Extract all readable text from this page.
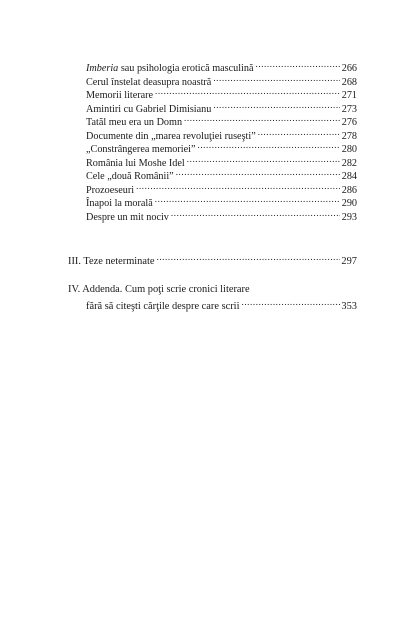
Imberia sau psihologia erotică masculină .....	266
Cerul înstelat deasupra noastră .....	268
Memorii literare .....	271
Amintiri cu Gabriel Dimisianu .....	273
Tatăl meu era un Domn .....	276
Documente din „marea revoluţiei ruseşti” .....	278
„Constrângerea memoriei” .....	280
România lui Moshe Idel .....	282
Cele „două Românii” .....	284
Prozoeseuri .....	286
Înapoi la morală .....	290
Despre un mit nociv .....	293
III. Teze neterminate .....	297
IV. Addenda. Cum poţi scrie cronici literare
fără să citeşti cărţile despre care scrii .....	353
